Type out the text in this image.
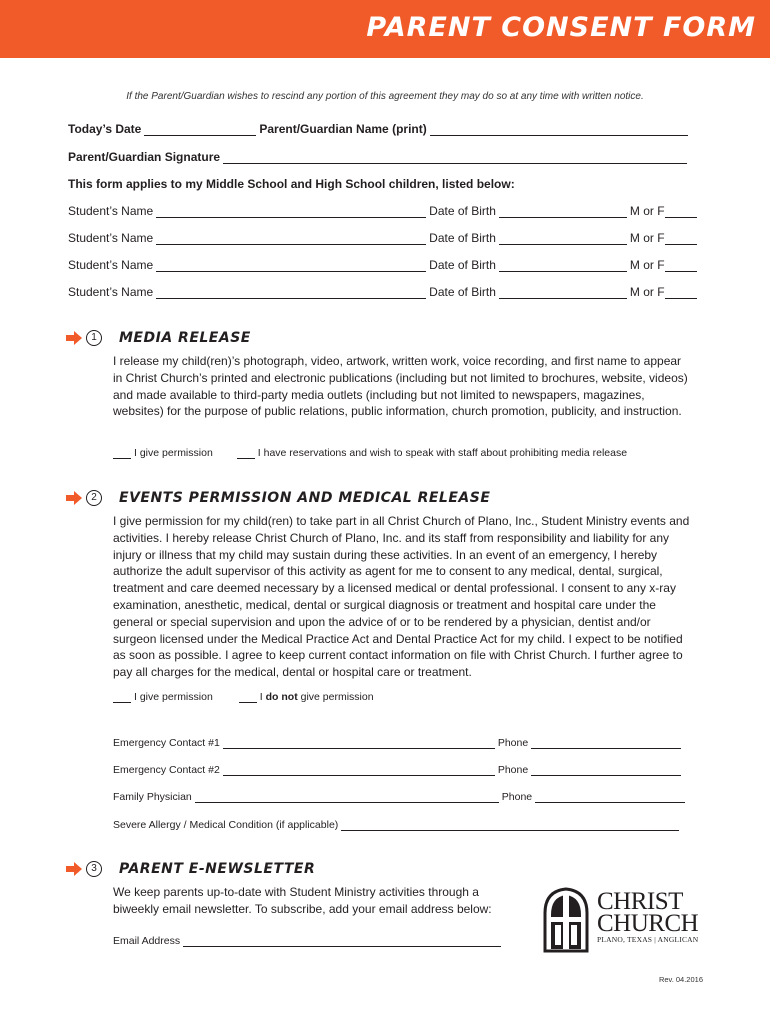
PARENT CONSENT FORM
If the Parent/Guardian wishes to rescind any portion of this agreement they may do so at any time with written notice.
Today’s Date	Parent/Guardian Name (print)
Parent/Guardian Signature
This form applies to my Middle School and High School children, listed below:
Student’s Name	Date of Birth	M or F
Student’s Name	Date of Birth	M or F
Student’s Name	Date of Birth	M or F
Student’s Name	Date of Birth	M or F
1	MEDIA RELEASE
I release my child(ren)’s photograph, video, artwork, written work, voice recording, and first name to appear in Christ Church’s printed and electronic publications (including but not limited to brochures, website, videos) and made available to third-party media outlets (including but not limited to newspapers, magazines, websites) for the purpose of public relations, public information, church promotion, publicity, and instruction.
I give permission	I have reservations and wish to speak with staff about prohibiting media release
2	EVENTS PERMISSION AND MEDICAL RELEASE
I give permission for my child(ren) to take part in all Christ Church of Plano, Inc., Student Ministry events and activities. I hereby release Christ Church of Plano, Inc. and its staff from responsibility and liability for any injury or illness that my child may sustain during these activities. In an event of an emergency, I hereby authorize the adult supervisor of this activity as agent for me to consent to any medical, dental, surgical, treatment and care deemed necessary by a licensed medical or dental professional. I consent to any x-ray examination, anesthetic, medical, dental or surgical diagnosis or treatment and hospital care under the general or special supervision and upon the advice of or to be rendered by a physician, dentist and/or surgeon licensed under the Medical Practice Act and Dental Practice Act for my child. I expect to be notified as soon as possible. I agree to keep current contact information on file with Christ Church. I further agree to pay all charges for the medical, dental or hospital care or treatment.
I give permission	I do not give permission
Emergency Contact #1	Phone
Emergency Contact #2	Phone
Family Physician	Phone
Severe Allergy / Medical Condition (if applicable)
3	PARENT E-NEWSLETTER
We keep parents up-to-date with Student Ministry activities through a biweekly email newsletter. To subscribe, add your email address below:
Email Address
CHRIST
CHURCH
PLANO, TEXAS | ANGLICAN
Rev. 04.2016
